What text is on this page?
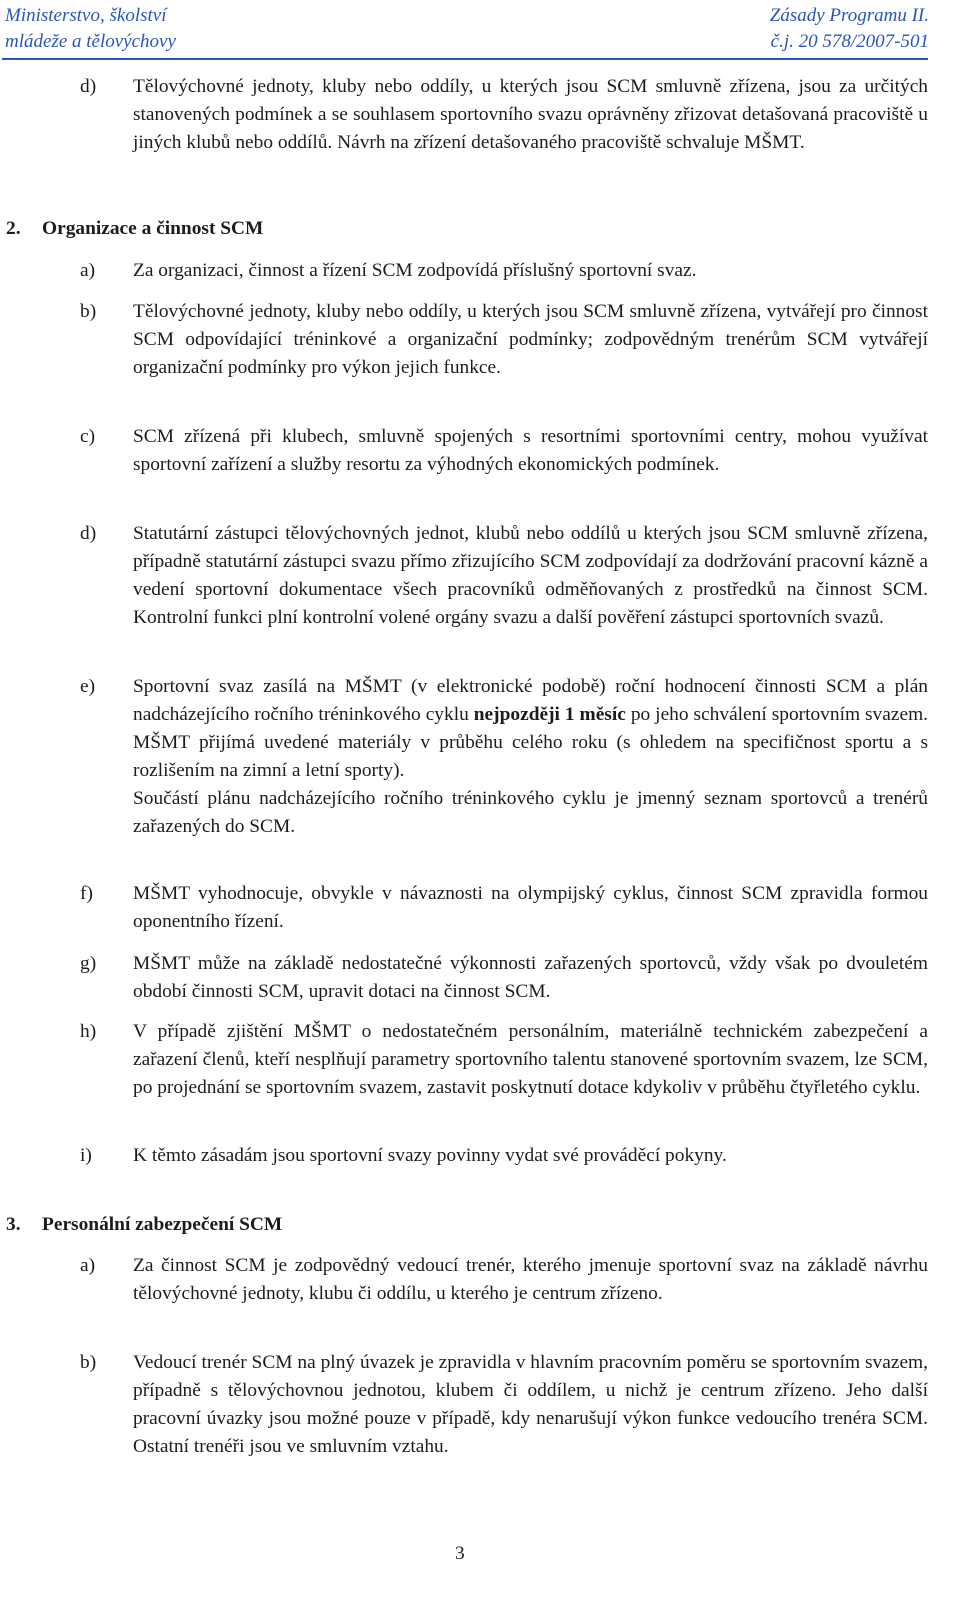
Ministerstvo, školství
mládeže a tělovýchovy
Zásady Programu II.
č.j. 20 578/2007-501
d) Tělovýchovné jednoty, kluby nebo oddíly, u kterých jsou SCM smluvně zřízena, jsou za určitých stanovených podmínek a se souhlasem sportovního svazu oprávněny zřizovat detašovaná pracoviště u jiných klubů nebo oddílů. Návrh na zřízení detašovaného pracoviště schvaluje MŠMT.
2. Organizace a činnost SCM
a) Za organizaci, činnost a řízení SCM zodpovídá příslušný sportovní svaz.
b) Tělovýchovné jednoty, kluby nebo oddíly, u kterých jsou SCM smluvně zřízena, vytvářejí pro činnost SCM odpovídající tréninkové a organizační podmínky; zodpovědným trenérům SCM vytvářejí organizační podmínky pro výkon jejich funkce.
c) SCM zřízená při klubech, smluvně spojených s resortními sportovními centry, mohou využívat sportovní zařízení a služby resortu za výhodných ekonomických podmínek.
d) Statutární zástupci tělovýchovných jednot, klubů nebo oddílů u kterých jsou SCM smluvně zřízena, případně statutární zástupci svazu přímo zřizujícího SCM zodpovídají za dodržování pracovní kázně a vedení sportovní dokumentace všech pracovníků odměňovaných z prostředků na činnost SCM. Kontrolní funkci plní kontrolní volené orgány svazu a další pověření zástupci sportovních svazů.
e) Sportovní svaz zasílá na MŠMT (v elektronické podobě) roční hodnocení činnosti SCM a plán nadcházejícího ročního tréninkového cyklu nejpozději 1 měsíc po jeho schválení sportovním svazem. MŠMT přijímá uvedené materiály v průběhu celého roku (s ohledem na specifičnost sportu a s rozlišením na zimní a letní sporty).
Součástí plánu nadcházejícího ročního tréninkového cyklu je jmenný seznam sportovců a trenérů zařazených do SCM.
f) MŠMT vyhodnocuje, obvykle v návaznosti na olympijský cyklus, činnost SCM zpravidla formou oponentního řízení.
g) MŠMT může na základě nedostatečné výkonnosti zařazených sportovců, vždy však po dvouletém období činnosti SCM, upravit dotaci na činnost SCM.
h) V případě zjištění MŠMT o nedostatečném personálním, materiálně technickém zabezpečení a zařazení členů, kteří nesplňují parametry sportovního talentu stanovené sportovním svazem, lze SCM, po projednání se sportovním svazem, zastavit poskytnutí dotace kdykoliv v průběhu čtyřletého cyklu.
i) K těmto zásadám jsou sportovní svazy povinny vydat své prováděcí pokyny.
3. Personální zabezpečení SCM
a) Za činnost SCM je zodpovědný vedoucí trenér, kterého jmenuje sportovní svaz na základě návrhu tělovýchovné jednoty, klubu či oddílu, u kterého je centrum zřízeno.
b) Vedoucí trenér SCM na plný úvazek je zpravidla v hlavním pracovním poměru se sportovním svazem, případně s tělovýchovnou jednotou, klubem či oddílem, u nichž je centrum zřízeno. Jeho další pracovní úvazky jsou možné pouze v případě, kdy nenarušují výkon funkce vedoucího trenéra SCM. Ostatní trenéři jsou ve smluvním vztahu.
3
